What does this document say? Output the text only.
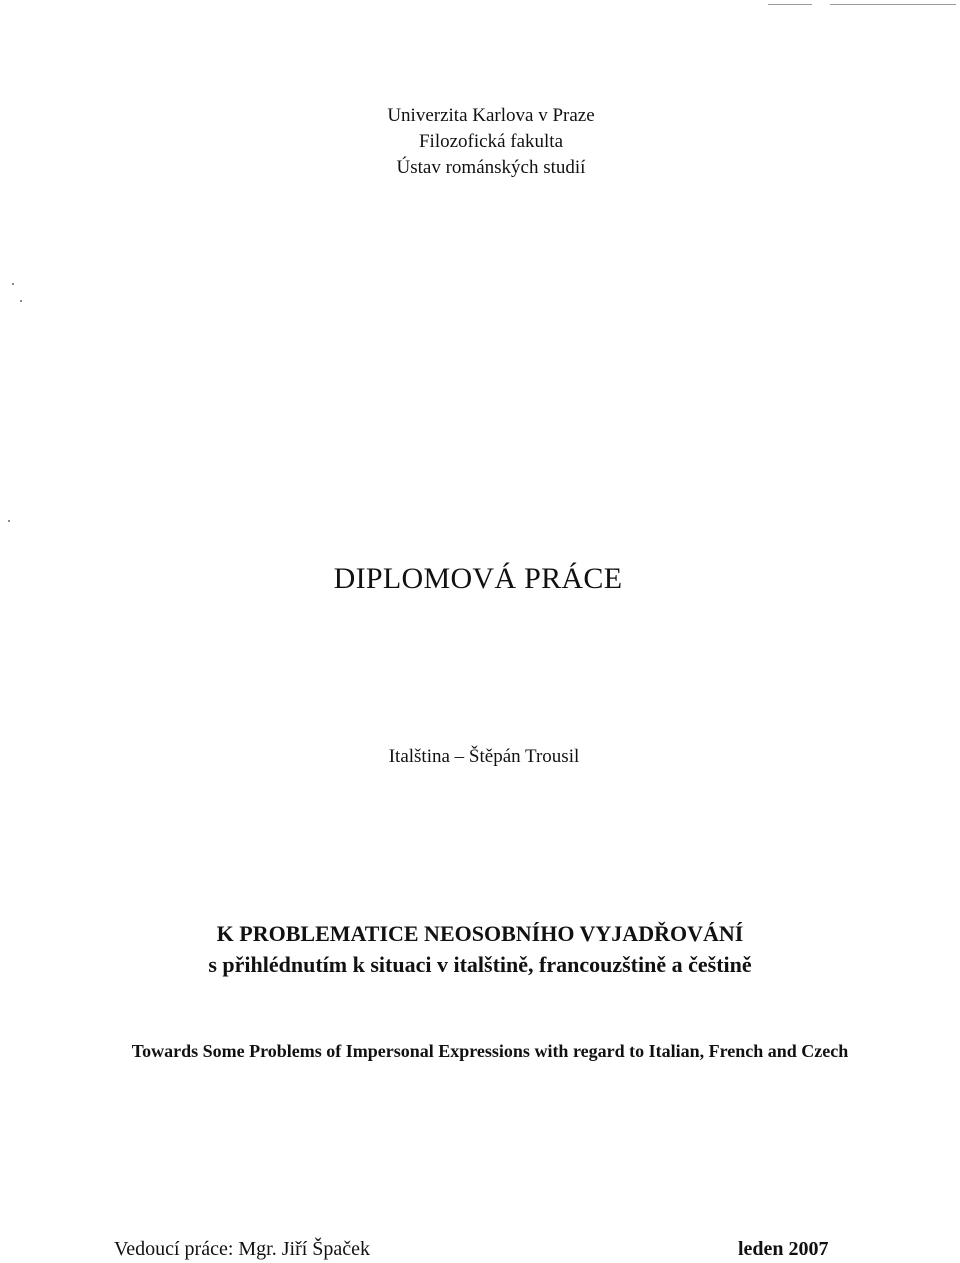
Univerzita Karlova v Praze
Filozofická fakulta
Ústav románských studií
DIPLOMOVÁ PRÁCE
Italština – Štěpán Trousil
K PROBLEMATICE NEOSOBNÍHO VYJADŘOVÁNÍ
s přihlédnutím k situaci v italštině, francouzštině a češtině
Towards Some Problems of Impersonal Expressions with regard to Italian, French and Czech
Vedoucí práce: Mgr. Jiří Špaček	leden 2007
